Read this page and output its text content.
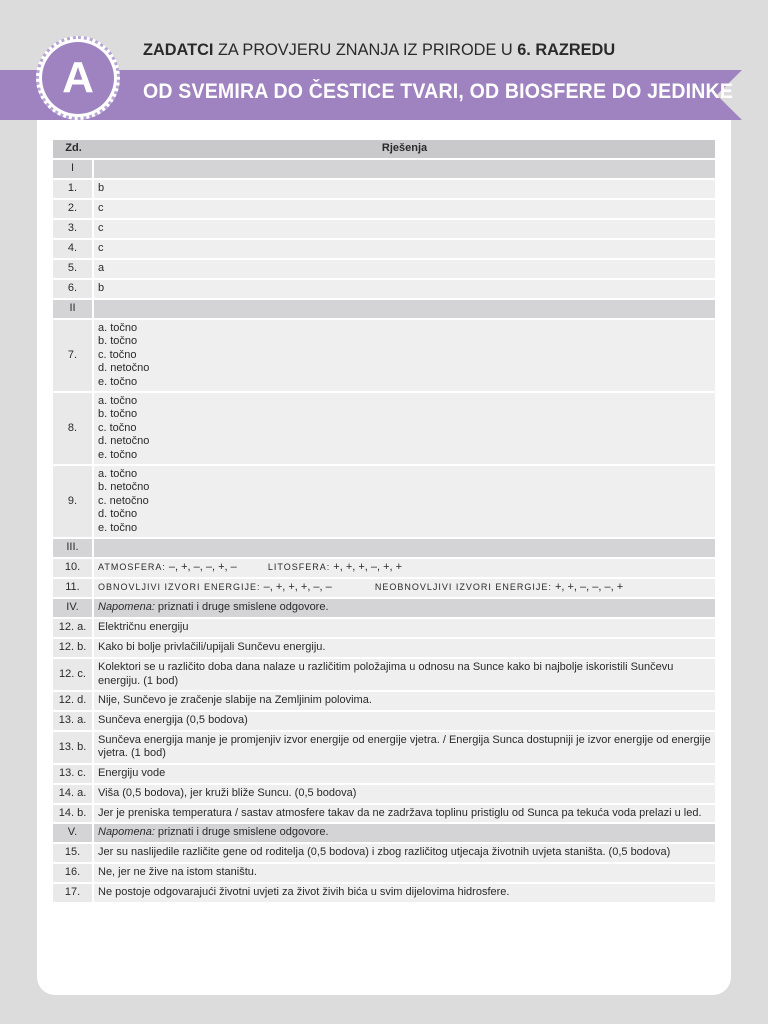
ZADATCI ZA PROVJERU ZNANJA IZ PRIRODE U 6. RAZREDU
OD SVEMIRA DO ČESTICE TVARI, OD BIOSFERE DO JEDINKE
A
Zd.	Rješenja
I	
1.	b
2.	c
3.	c
4.	c
5.	a
6.	b
II	
7.	a. točno
b. točno
c. točno
d. netočno
e. točno

8.	a. točno
b. točno
c. točno
d. netočno
e. točno

9.	a. točno
b. netočno
c. netočno
d. točno
e. točno

III.	
10.	ATMOSFERA: –, +, –, –, +, – LITOSFERA: +, +, +, –, +, +
11.	OBNOVLJIVI IZVORI ENERGIJE: –, +, +, +, –, – NEOBNOVLJIVI IZVORI ENERGIJE: +, +, –, –, –, +
IV.	Napomena: priznati i druge smislene odgovore.
12. a.	Električnu energiju
12. b.	Kako bi bolje privlačili/upijali Sunčevu energiju.
12. c.	Kolektori se u različito doba dana nalaze u različitim položajima u odnosu na Sunce kako bi najbolje iskoristili Sunčevu energiju. (1 bod)
12. d.	Nije, Sunčevo je zračenje slabije na Zemljinim polovima.
13. a.	Sunčeva energija (0,5 bodova)
13. b.	Sunčeva energija manje je promjenjiv izvor energije od energije vjetra. / Energija Sunca dostupniji je izvor energije od energije vjetra. (1 bod)
13. c.	Energiju vode
14. a.	Viša (0,5 bodova), jer kruži bliže Suncu. (0,5 bodova)
14. b.	Jer je preniska temperatura / sastav atmosfere takav da ne zadržava toplinu pristiglu od Sunca pa tekuća voda prelazi u led.
V.	Napomena: priznati i druge smislene odgovore.
15.	Jer su naslijedile različite gene od roditelja (0,5 bodova) i zbog različitog utjecaja životnih uvjeta staništa. (0,5 bodova)
16.	Ne, jer ne žive na istom staništu.
17.	Ne postoje odgovarajući životni uvjeti za život živih bića u svim dijelovima hidrosfere.
